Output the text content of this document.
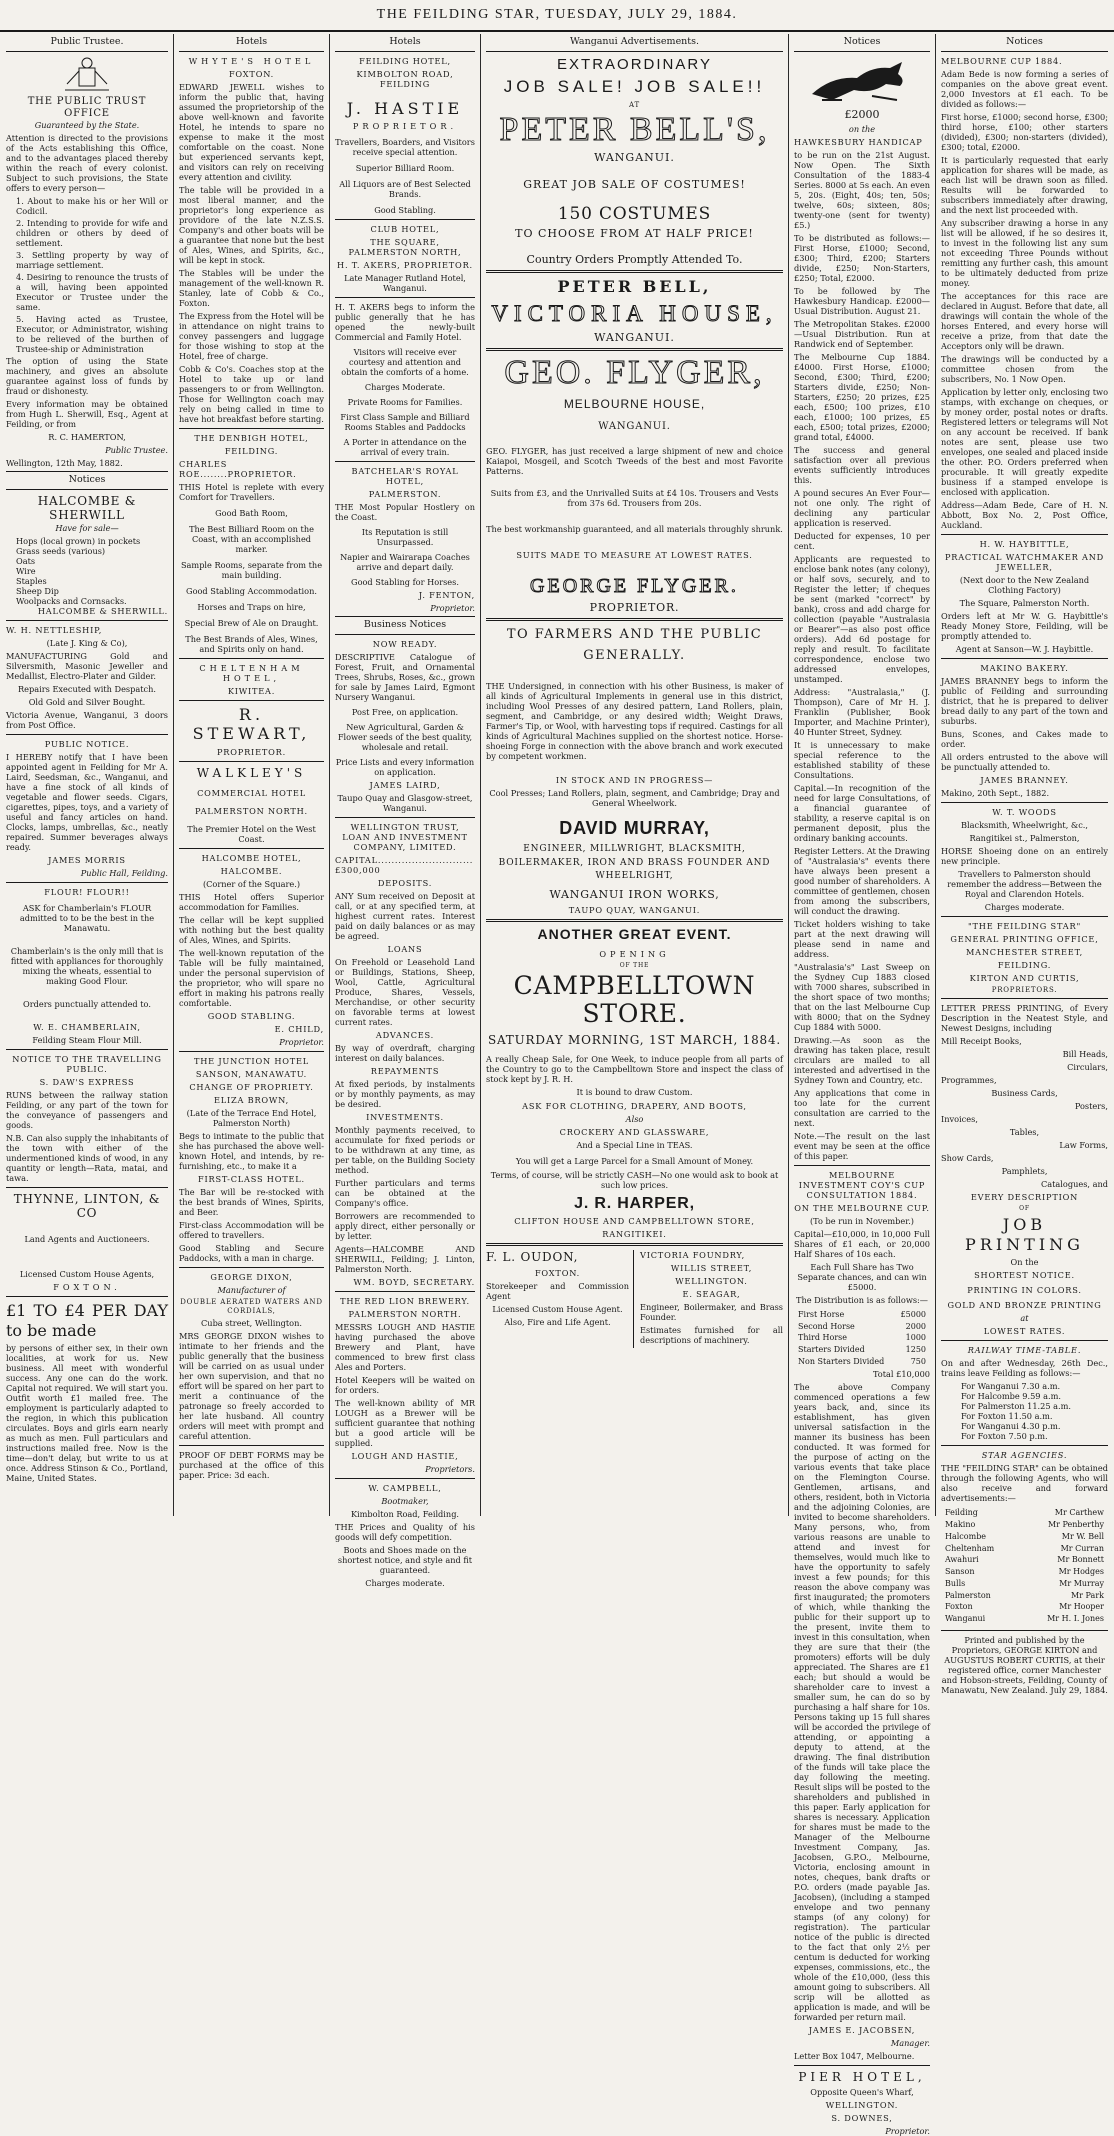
THE FEILDING STAR, TUESDAY, JULY 29, 1884.
Public Trustee.
THE PUBLIC TRUST OFFICE

Guaranteed by the State.

Attention is directed to the provisions of the Acts establishing this Office, and to the advantages placed thereby within the reach of every colonist. Subject to such provisions, the State offers to every person—

1. About to make his or her Will or Codicil.
2. Intending to provide for wife and children or others by deed of settlement.
3. Settling property by way of marriage settlement.
4. Desiring to renounce the trusts of a will, having been appointed Executor or Trustee under the same.
5. Having acted as Trustee, Executor, or Administrator, wishing to be relieved of the burthen of Trustee-ship or Administration

The option of using the State machinery, and gives an absolute guarantee against loss of funds by fraud or dishonesty.

Every information may be obtained from Hugh L. Sherwill, Esq., Agent at Feilding, or from

R. C. HAMERTON,

Public Trustee.

Wellington, 12th May, 1882.

Notices
HALCOMBE & SHERWILL

Have for sale—

Hops (local grown) in pockets
Grass seeds (various)
Oats
Wire
Staples
Sheep Dip
Woolpacks and Cornsacks.

HALCOMBE & SHERWILL.

W. H. NETTLESHIP,

(Late J. King & Co),

MANUFACTURING Gold and Silversmith, Masonic Jeweller and Medallist, Electro-Plater and Gilder.

Repairs Executed with Despatch.

Old Gold and Silver Bought.

Victoria Avenue, Wanganui, 3 doors from Post Office.

PUBLIC NOTICE.

I HEREBY notify that I have been appointed agent in Feilding for Mr A. Laird, Seedsman, &c., Wanganui, and have a fine stock of all kinds of vegetable and flower seeds. Cigars, cigarettes, pipes, toys, and a variety of useful and fancy articles on hand. Clocks, lamps, umbrellas, &c., neatly repaired. Summer beverages always ready.

JAMES MORRIS

Public Hall, Feilding.

FLOUR! FLOUR!!

ASK for Chamberlain's FLOUR admitted to to be the best in the Manawatu.

Chamberlain's is the only mill that is fitted with appliances for thoroughly mixing the wheats, essential to making Good Flour.

Orders punctually attended to.

W. E. CHAMBERLAIN,

Feilding Steam Flour Mill.

NOTICE TO THE TRAVELLING PUBLIC.

S. DAW'S EXPRESS

RUNS between the railway station Feilding, or any part of the town for the conveyance of passengers and goods.

N.B. Can also supply the inhabitants of the town with either of the undermentioned kinds of wood, in any quantity or length—Rata, matai, and tawa.

THYNNE, LINTON, & CO

Land Agents and Auctioneers.

Licensed Custom House Agents,

FOXTON.

£1 TO £4 PER DAY to be made

by persons of either sex, in their own localities, at work for us. New business. All meet with wonderful success. Any one can do the work. Capital not required. We will start you. Outfit worth £1 mailed free. The employment is particularly adapted to the region, in which this publication circulates. Boys and girls earn nearly as much as men. Full particulars and instructions mailed free. Now is the time—don't delay, but write to us at once. Address Stinson & Co., Portland, Maine, United States.

Hotels

WHYTE'S HOTEL

FOXTON.

EDWARD JEWELL wishes to inform the public that, having assumed the proprietorship of the above well-known and favorite Hotel, he intends to spare no expense to make it the most comfortable on the coast. None but experienced servants kept, and visitors can rely on receiving every attention and civility.

The table will be provided in a most liberal manner, and the proprietor's long experience as providore of the late N.Z.S.S. Company's and other boats will be a guarantee that none but the best of Ales, Wines, and Spirits, &c., will be kept in stock.

The Stables will be under the management of the well-known R. Stanley, late of Cobb & Co., Foxton.

The Express from the Hotel will be in attendance on night trains to convey passengers and luggage for those wishing to stop at the Hotel, free of charge.

Cobb & Co's. Coaches stop at the Hotel to take up or land passengers to or from Wellington. Those for Wellington coach may rely on being called in time to have hot breakfast before starting.

THE DENBIGH HOTEL,

FEILDING.

CHARLES ROE........PROPRIETOR.

THIS Hotel is replete with every Comfort for Travellers.

Good Bath Room,

The Best Billiard Room on the Coast, with an accomplished marker.

Sample Rooms, separate from the main building.

Good Stabling Accommodation.

Horses and Traps on hire,

Special Brew of Ale on Draught.

The Best Brands of Ales, Wines, and Spirits only on hand.

CHELTENHAM HOTEL,

KIWITEA.

R. STEWART,

PROPRIETOR.

WALKLEY'S

COMMERCIAL HOTEL

PALMERSTON NORTH.

The Premier Hotel on the West Coast.

HALCOMBE HOTEL,

HALCOMBE.

(Corner of the Square.)

THIS Hotel offers Superior accommodation for Families.

The cellar will be kept supplied with nothing but the best quality of Ales, Wines, and Spirits.

The well-known reputation of the Table will be fully maintained, under the personal supervision of the proprietor, who will spare no effort in making his patrons really comfortable.

GOOD STABLING.

E. CHILD,

Proprietor.

THE JUNCTION HOTEL

SANSON, MANAWATU.

CHANGE OF PROPRIETY.

ELIZA BROWN,

(Late of the Terrace End Hotel, Palmerston North)

Begs to intimate to the public that she has purchased the above well-known Hotel, and intends, by re-furnishing, etc., to make it a

FIRST-CLASS HOTEL.

The Bar will be re-stocked with the best brands of Wines, Spirits, and Beer.

First-class Accommodation will be offered to travellers.

Good Stabling and Secure Paddocks, with a man in charge.

GEORGE DIXON,

Manufacturer of

DOUBLE AERATED WATERS AND CORDIALS,

Cuba street, Wellington.

MRS GEORGE DIXON wishes to intimate to her friends and the public generally that the business will be carried on as usual under her own supervision, and that no effort will be spared on her part to merit a continuance of the patronage so freely accorded to her late husband. All country orders will meet with prompt and careful attention.

PROOF OF DEBT FORMS may be purchased at the office of this paper. Price: 3d each.

Hotels

FEILDING HOTEL,

KIMBOLTON ROAD, FEILDING

J. HASTIE

PROPRIETOR.

Travellers, Boarders, and Visitors receive special attention.

Superior Billiard Room.

All Liquors are of Best Selected Brands.

Good Stabling.

CLUB HOTEL,

THE SQUARE, PALMERSTON NORTH,

H. T. AKERS, PROPRIETOR.

Late Manager Rutland Hotel, Wanganui.

H. T. AKERS begs to inform the public generally that he has opened the newly-built Commercial and Family Hotel.

Visitors will receive ever courtesy and attention and obtain the comforts of a home.

Charges Moderate.

Private Rooms for Families.

First Class Sample and Billiard Rooms Stables and Paddocks

A Porter in attendance on the arrival of every train.

BATCHELAR'S ROYAL HOTEL,

PALMERSTON.

THE Most Popular Hostlery on the Coast.

Its Reputation is still Unsurpassed.

Napier and Wairarapa Coaches arrive and depart daily.

Good Stabling for Horses.

J. FENTON,

Proprietor.

Business Notices

NOW READY.

DESCRIPTIVE Catalogue of Forest, Fruit, and Ornamental Trees, Shrubs, Roses, &c., grown for sale by James Laird, Egmont Nursery Wanganui.

Post Free, on application.

New Agricultural, Garden & Flower seeds of the best quality, wholesale and retail.

Price Lists and every information on application.

JAMES LAIRD,

Taupo Quay and Glasgow-street, Wanganui.

WELLINGTON TRUST, LOAN AND INVESTMENT COMPANY, LIMITED.

CAPITAL............................£300,000

DEPOSITS.

ANY Sum received on Deposit at call, or at any specified term, at highest current rates. Interest paid on daily balances or as may be agreed.

LOANS

On Freehold or Leasehold Land or Buildings, Stations, Sheep, Wool, Cattle, Agricultural Produce, Shares, Vessels, Merchandise, or other security on favorable terms at lowest current rates.

ADVANCES.

By way of overdraft, charging interest on daily balances.

REPAYMENTS

At fixed periods, by instalments or by monthly payments, as may be desired.

INVESTMENTS.

Monthly payments received, to accumulate for fixed periods or to be withdrawn at any time, as per table, on the Building Society method.

Further particulars and terms can be obtained at the Company's office.

Borrowers are recommended to apply direct, either personally or by letter.

Agents—HALCOMBE AND SHERWILL, Feilding; J. Linton, Palmerston North.

WM. BOYD, SECRETARY.

THE RED LION BREWERY.

PALMERSTON NORTH.

MESSRS LOUGH AND HASTIE having purchased the above Brewery and Plant, have commenced to brew first class Ales and Porters.

Hotel Keepers will be waited on for orders.

The well-known ability of MR LOUGH as a Brewer will be sufficient guarantee that nothing but a good article will be supplied.

LOUGH AND HASTIE,

Proprietors.

W. CAMPBELL,

Bootmaker,

Kimbolton Road, Feilding.

THE Prices and Quality of his goods will defy competition.

Boots and Shoes made on the shortest notice, and style and fit guaranteed.

Charges moderate.

Wanganui Advertisements.

EXTRAORDINARY

JOB SALE! JOB SALE!!

AT

PETER BELL'S,

WANGANUI.

GREAT JOB SALE OF COSTUMES!

150 COSTUMES

TO CHOOSE FROM AT HALF PRICE!

Country Orders Promptly Attended To.

PETER BELL,

VICTORIA HOUSE,

WANGANUI.

GEO. FLYGER,

MELBOURNE HOUSE,

WANGANUI.

GEO. FLYGER, has just received a large shipment of new and choice Kaiapoi, Mosgeil, and Scotch Tweeds of the best and most Favorite Patterns.

Suits from £3, and the Unrivalled Suits at £4 10s. Trousers and Vests from 37s 6d. Trousers from 20s.

The best workmanship guaranteed, and all materials throughly shrunk.

SUITS MADE TO MEASURE AT LOWEST RATES.

GEORGE FLYGER.

PROPRIETOR.

TO FARMERS AND THE PUBLIC GENERALLY.

THE Undersigned, in connection with his other Business, is maker of all kinds of Agricultural Implements in general use in this district, including Wool Presses of any desired pattern, Land Rollers, plain, segment, and Cambridge, or any desired width; Weight Draws, Farmer's Tip, or Wool, with harvesting tops if required. Castings for all kinds of Agricultural Machines supplied on the shortest notice. Horse-shoeing Forge in connection with the above branch and work executed by competent workmen.

IN STOCK AND IN PROGRESS—

Cool Presses; Land Rollers, plain, segment, and Cambridge; Dray and General Wheelwork.

DAVID MURRAY,

ENGINEER, MILLWRIGHT, BLACKSMITH, BOILERMAKER, IRON AND BRASS FOUNDER AND WHEELRIGHT,

WANGANUI IRON WORKS,

TAUPO QUAY, WANGANUI.

ANOTHER GREAT EVENT.

OPENING

OF THE

CAMPBELLTOWN STORE.

SATURDAY MORNING, 1ST MARCH, 1884.

A really Cheap Sale, for One Week, to induce people from all parts of the Country to go to the Campbelltown Store and inspect the class of stock kept by J. R. H.

It is bound to draw Custom.

ASK FOR CLOTHING, DRAPERY, AND BOOTS,

Also

CROCKERY AND GLASSWARE,

And a Special Line in TEAS.

You will get a Large Parcel for a Small Amount of Money.

Terms, of course, will be strictly CASH—No one would ask to book at such low prices.

J. R. HARPER,

CLIFTON HOUSE AND CAMPBELLTOWN STORE,

RANGITIKEI.

F. L. OUDON,

FOXTON.

Storekeeper and Commission Agent

Licensed Custom House Agent.

Also, Fire and Life Agent.

VICTORIA FOUNDRY,

WILLIS STREET,

WELLINGTON.

E. SEAGAR,

Engineer, Boilermaker, and Brass Founder.

Estimates furnished for all descriptions of machinery.

Notices

£2000

on the

HAWKESBURY HANDICAP

to be run on the 21st August. Now Open. The Sixth Consultation of the 1883-4 Series. 8000 at 5s each. An even 5, 20s. (Eight, 40s; ten, 50s; twelve, 60s; sixteen, 80s; twenty-one (sent for twenty) £5.)

To be distributed as follows:—First Horse, £1000; Second, £300; Third, £200; Starters divide, £250; Non-Starters, £250; Total, £2000.

To be followed by The Hawkesbury Handicap. £2000—Usual Distribution. August 21.

The Metropolitan Stakes. £2000—Usual Distribution. Run at Randwick end of September.

The Melbourne Cup 1884. £4000. First Horse, £1000; Second, £300; Third, £200; Starters divide, £250; Non-Starters, £250; 20 prizes, £25 each, £500; 100 prizes, £10 each, £1000; 100 prizes, £5 each, £500; total prizes, £2000; grand total, £4000.

The success and general satisfaction over all previous events sufficiently introduces this.

A pound secures An Ever Four—not one only. The right of declining any particular application is reserved.

Deducted for expenses, 10 per cent.

Applicants are requested to enclose bank notes (any colony), or half sovs, securely, and to Register the letter; if cheques be sent (marked "correct" by bank), cross and add charge for collection (payable "Australasia or Bearer"—as also post office orders). Add 6d postage for reply and result. To facilitate correspondence, enclose two addressed envelopes, unstamped.

Address: "Australasia," (J. Thompson), Care of Mr H. J. Franklin (Publisher, Book Importer, and Machine Printer), 40 Hunter Street, Sydney.

It is unnecessary to make special reference to the established stability of these Consultations.

Capital.—In recognition of the need for large Consultations, of a financial guarantee of stability, a reserve capital is on permanent deposit, plus the ordinary banking accounts.

Register Letters. At the Drawing of "Australasia's" events there have always been present a good number of shareholders. A committee of gentlemen, chosen from among the subscribers, will conduct the drawing.

Ticket holders wishing to take part at the next drawing will please send in name and address.

"Australasia's" Last Sweep on the Sydney Cup 1883 closed with 7000 shares, subscribed in the short space of two months; that on the last Melbourne Cup with 8000; that on the Sydney Cup 1884 with 5000.

Drawing.—As soon as the drawing has taken place, result circulars are mailed to all interested and advertised in the Sydney Town and Country, etc.

Any applications that come in too late for the current consultation are carried to the next.

Note.—The result on the last event may be seen at the office of this paper.

MELBOURNE INVESTMENT COY'S CUP CONSULTATION 1884.

ON THE MELBOURNE CUP.

(To be run in November.)

Capital—£10,000, in 10,000 Full Shares of £1 each, or 20,000 Half Shares of 10s each.

Each Full Share has Two Separate chances, and can win £5000.

The Distribution is as follows:—

First Horse	£5000
Second Horse	2000
Third Horse	1000
Starters Divided	1250
Non Starters Divided	750

Total £10,000

The above Company commenced operations a few years back, and, since its establishment, has given universal satisfaction in the manner its business has been conducted. It was formed for the purpose of acting on the various events that take place on the Flemington Course. Gentlemen, artisans, and others, resident, both in Victoria and the adjoining Colonies, are invited to become shareholders. Many persons, who, from various reasons are unable to attend and invest for themselves, would much like to have the opportunity to safely invest a few pounds; for this reason the above company was first inaugurated; the promoters of which, while thanking the public for their support up to the present, invite them to invest in this consultation, when they are sure that their (the promoters) efforts will be duly appreciated. The Shares are £1 each; but should a would be shareholder care to invest a smaller sum, he can do so by purchasing a half share for 10s. Persons taking up 15 full shares will be accorded the privilege of attending, or appointing a deputy to attend, at the drawing. The final distribution of the funds will take place the day following the meeting. Result slips will be posted to the shareholders and published in this paper. Early application for shares is necessary. Application for shares must be made to the Manager of the Melbourne Investment Company, Jas. Jacobsen, G.P.O., Melbourne, Victoria, enclosing amount in notes, cheques, bank drafts or P.O. orders (made payable Jas. Jacobsen), (including a stamped envelope and two pennany stamps (of any colony) for registration). The particular notice of the public is directed to the fact that only 2½ per centum is deducted for working expenses, commissions, etc., the whole of the £10,000, (less this amount going to subscribers. All scrip will be allotted as application is made, and will be forwarded per return mail.

JAMES E. JACOBSEN,

Manager.

Letter Box 1047, Melbourne.

PIER HOTEL,

Opposite Queen's Wharf,

WELLINGTON.

S. DOWNES,

Proprietor.

Notices

MELBOURNE CUP 1884.

Adam Bede is now forming a series of companies on the above great event. 2,000 Investors at £1 each. To be divided as follows:—

First horse, £1000; second horse, £300; third horse, £100; other starters (divided), £300; non-starters (divided), £300; total, £2000.

It is particularly requested that early application for shares will be made, as each list will be drawn soon as filled. Results will be forwarded to subscribers immediately after drawing, and the next list proceeded with.

Any subscriber drawing a horse in any list will be allowed, if he so desires it, to invest in the following list any sum not exceeding Three Pounds without remitting any further cash, this amount to be ultimately deducted from prize money.

The acceptances for this race are declared in August. Before that date, all drawings will contain the whole of the horses Entered, and every horse will receive a prize, from that date the Acceptors only will be drawn.

The drawings will be conducted by a committee chosen from the subscribers, No. 1 Now Open.

Application by letter only, enclosing two stamps, with exchange on cheques, or by money order, postal notes or drafts. Registered letters or telegrams will Not on any account be received. If bank notes are sent, please use two envelopes, one sealed and placed inside the other. P.O. Orders preferred when procurable. It will greatly expedite business if a stamped envelope is enclosed with application.

Address—Adam Bede, Care of H. N. Abbott, Box No. 2, Post Office, Auckland.

H. W. HAYBITTLE,

PRACTICAL WATCHMAKER AND JEWELLER,

(Next door to the New Zealand Clothing Factory)

The Square, Palmerston North.

Orders left at Mr W. G. Haybittle's Ready Money Store, Feilding, will be promptly attended to.

Agent at Sanson—W. J. Haybittle.

MAKINO BAKERY.

JAMES BRANNEY begs to inform the public of Feilding and surrounding district, that he is prepared to deliver bread daily to any part of the town and suburbs.

Buns, Scones, and Cakes made to order.

All orders entrusted to the above will be punctually attended to.

JAMES BRANNEY.

Makino, 20th Sept., 1882.

W. T. WOODS

Blacksmith, Wheelwright, &c.,

Rangitikei st., Palmerston,

HORSE Shoeing done on an entirely new principle.

Travellers to Palmerston should remember the address—Between the Royal and Clarendon Hotels.

Charges moderate.

"THE FEILDING STAR"

GENERAL PRINTING OFFICE,

MANCHESTER STREET,

FEILDING.

KIRTON AND CURTIS,

PROPRIETORS.

LETTER PRESS PRINTING, of Every Description in the Neatest Style, and Newest Designs, including

Mill Receipt Books,

Bill Heads,

Circulars,

Programmes,

Business Cards,

Posters,

Invoices,

Tables,

Law Forms,

Show Cards,

Pamphlets,

Catalogues, and

EVERY DESCRIPTION

OF

JOB PRINTING

On the

SHORTEST NOTICE.

PRINTING IN COLORS.

GOLD AND BRONZE PRINTING

at

LOWEST RATES.

RAILWAY TIME-TABLE.

On and after Wednesday, 26th Dec., trains leave Feilding as follows:—

For Wanganui 7.30 a.m.
For Halcombe 9.59 a.m.
For Palmerston 11.25 a.m.
For Foxton 11.50 a.m.
For Wanganui 4.30 p.m.
For Foxton 7.50 p.m.

STAR AGENCIES.

THE "FEILDING STAR" can be obtained through the following Agents, who will also receive and forward advertisements:—

Feilding	Mr Carthew
Makino	Mr Penberthy
Halcombe	Mr W. Bell
Cheltenham	Mr Curran
Awahuri	Mr Bonnett
Sanson	Mr Hodges
Bulls	Mr Murray
Palmerston	Mr Park
Foxton	Mr Hooper
Wanganui	Mr H. I. Jones

Printed and published by the Proprietors, GEORGE KIRTON and AUGUSTUS ROBERT CURTIS, at their registered office, corner Manchester and Hobson-streets, Feilding, County of Manawatu, New Zealand. July 29, 1884.
